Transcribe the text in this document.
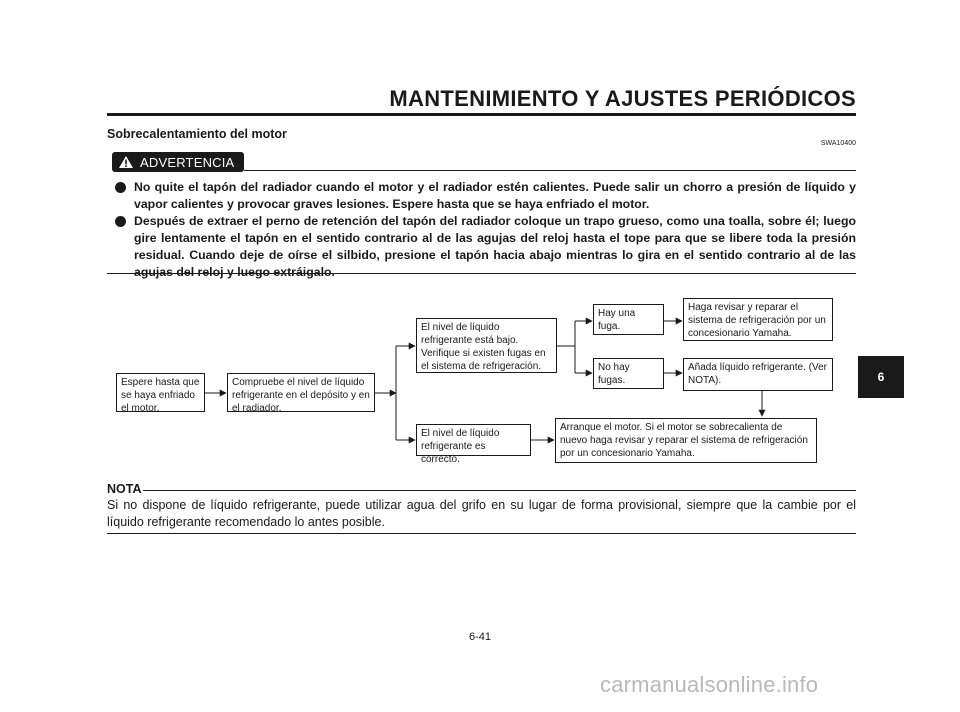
MANTENIMIENTO Y AJUSTES PERIÓDICOS
Sobrecalentamiento del motor
SWA10400
ADVERTENCIA
No quite el tapón del radiador cuando el motor y el radiador estén calientes. Puede salir un chorro a presión de líquido y vapor calientes y provocar graves lesiones. Espere hasta que se haya enfriado el motor.
Después de extraer el perno de retención del tapón del radiador coloque un trapo grueso, como una toalla, sobre él; luego gire lentamente el tapón en el sentido contrario al de las agujas del reloj hasta el tope para que se libere toda la presión residual. Cuando deje de oírse el silbido, presione el tapón hacia abajo mientras lo gira en el sentido contrario al de las agujas del reloj y luego extráigalo.
Espere hasta que se haya enfriado el motor.
Compruebe el nivel de líquido refrigerante en el depósito y en el radiador.
El nivel de líquido refrigerante está bajo. Verifique si existen fugas en el sistema de refrigeración.
El nivel de líquido refrigerante es correcto.
Hay una fuga.
No hay fugas.
Haga revisar y reparar el sistema de refrigeración por un concesionario Yamaha.
Añada líquido refrigerante. (Ver NOTA).
Arranque el motor. Si el motor se sobrecalienta de nuevo haga revisar y reparar el sistema de refrigeración por un concesionario Yamaha.
NOTA
Si no dispone de líquido refrigerante, puede utilizar agua del grifo en su lugar de forma provisional, siempre que la cambie por el líquido refrigerante recomendado lo antes posible.
6-41
6
carmanualsonline.info
